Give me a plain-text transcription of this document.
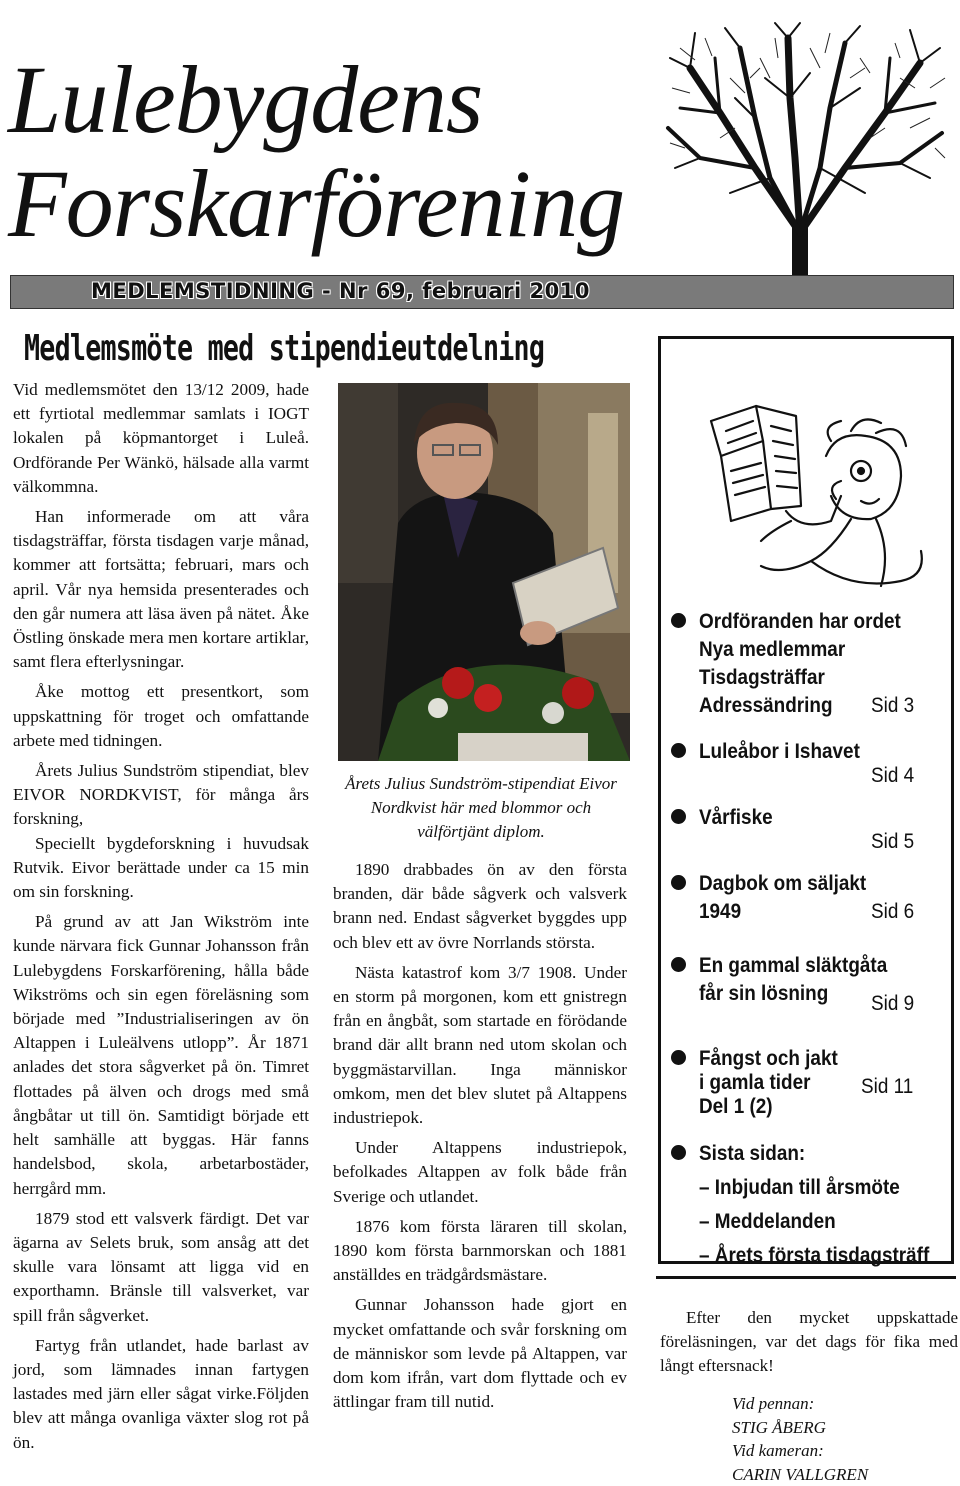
Lulebygdens
Forskarförening
MEDLEMSTIDNING - Nr 69, februari 2010
Medlemsmöte med stipendieutdelning

Vid medlemsmötet den 13/12 2009, hade ett fyrtiotal medlemmar samlats i IOGT lokalen på köpmantorget i Luleå. Ordförande Per Wänkö, hälsade alla varmt välkommna.

Han informerade om att våra tisdagsträffar, första tisdagen varje månad, kommer att fortsätta; februari, mars och april. Vår nya hemsida presenterades och den går numera att läsa även på nätet. Åke Östling önskade mera men kortare artiklar, samt flera efterlysningar.

Åke mottog ett presentkort, som uppskattning för troget och omfattande arbete med tidningen.

Årets Julius Sundström stipendiat, blev EIVOR NORDKVIST, för många års forskning,

Speciellt bygdeforskning i huvudsak Rutvik. Eivor berättade under ca 15 min om sin forskning.

På grund av att Jan Wikström inte kunde närvara fick Gunnar Johansson från Lulebygdens Forskarförening, hålla både Wikströms och sin egen föreläsning som började med ”Industrialiseringen av ön Altappen i Luleälvens utlopp”. År 1871 anlades det stora sågverket på ön. Timret flottades på älven och drogs med små ångbåtar ut till ön. Samtidigt började ett helt samhälle att byggas. Här fanns handelsbod, skola, arbetarbostäder, herrgård mm.

1879 stod ett valsverk färdigt. Det var ägarna av Selets bruk, som ansåg att det skulle vara lönsamt att ligga vid en exporthamn. Bränsle till valsverket, var spill från sågverket.

Fartyg från utlandet, hade barlast av jord, som lämnades innan fartygen lastades med järn eller sågat virke.Följden blev att många ovanliga växter slog rot på ön.

Årets Julius Sundström-stipendiat Eivor Nordkvist här med blommor och välförtjänt diplom.

1890 drabbades ön av den första branden, där både sågverk och valsverk brann ned. Endast sågverket byggdes upp och blev ett av övre Norrlands största.

Nästa katastrof kom 3/7 1908. Under en storm på morgonen, kom ett gnistregn från en ångbåt, som startade en förödande brand där allt brann ned utom skolan och byggmästarvillan. Inga människor omkom, men det blev slutet på Altappens industriepok.

Under Altappens industriepok, befolkades Altappen av folk både från Sverige och utlandet.

1876 kom första läraren till skolan, 1890 kom första barnmorskan och 1881 anställdes en trädgårdsmästare.

Gunnar Johansson hade gjort en mycket omfattande och svår forskning om de människor som levde på Altappen, var dom kom ifrån, vart dom flyttade och ev ättlingar fram till nutid.

Ordföranden har ordet
Nya medlemmar
Tisdagsträffar
Adressändring Sid 3
Luleåbor i Ishavet
Sid 4
Vårfiske
Sid 5
Dagbok om säljakt
1949	Sid 6
En gammal släktgåta
får sin lösning Sid 9
Fångst och jakt
i gamla tider
Del 1 (2)
Sid 11
Sista sidan:
– Inbjudan till årsmöte
– Meddelanden
– Årets första tisdagsträff

Efter den mycket uppskattade föreläsningen, var det dags för fika med långt eftersnack!

Vid pennan:
STIG ÅBERG
Vid kameran:
CARIN VALLGREN
